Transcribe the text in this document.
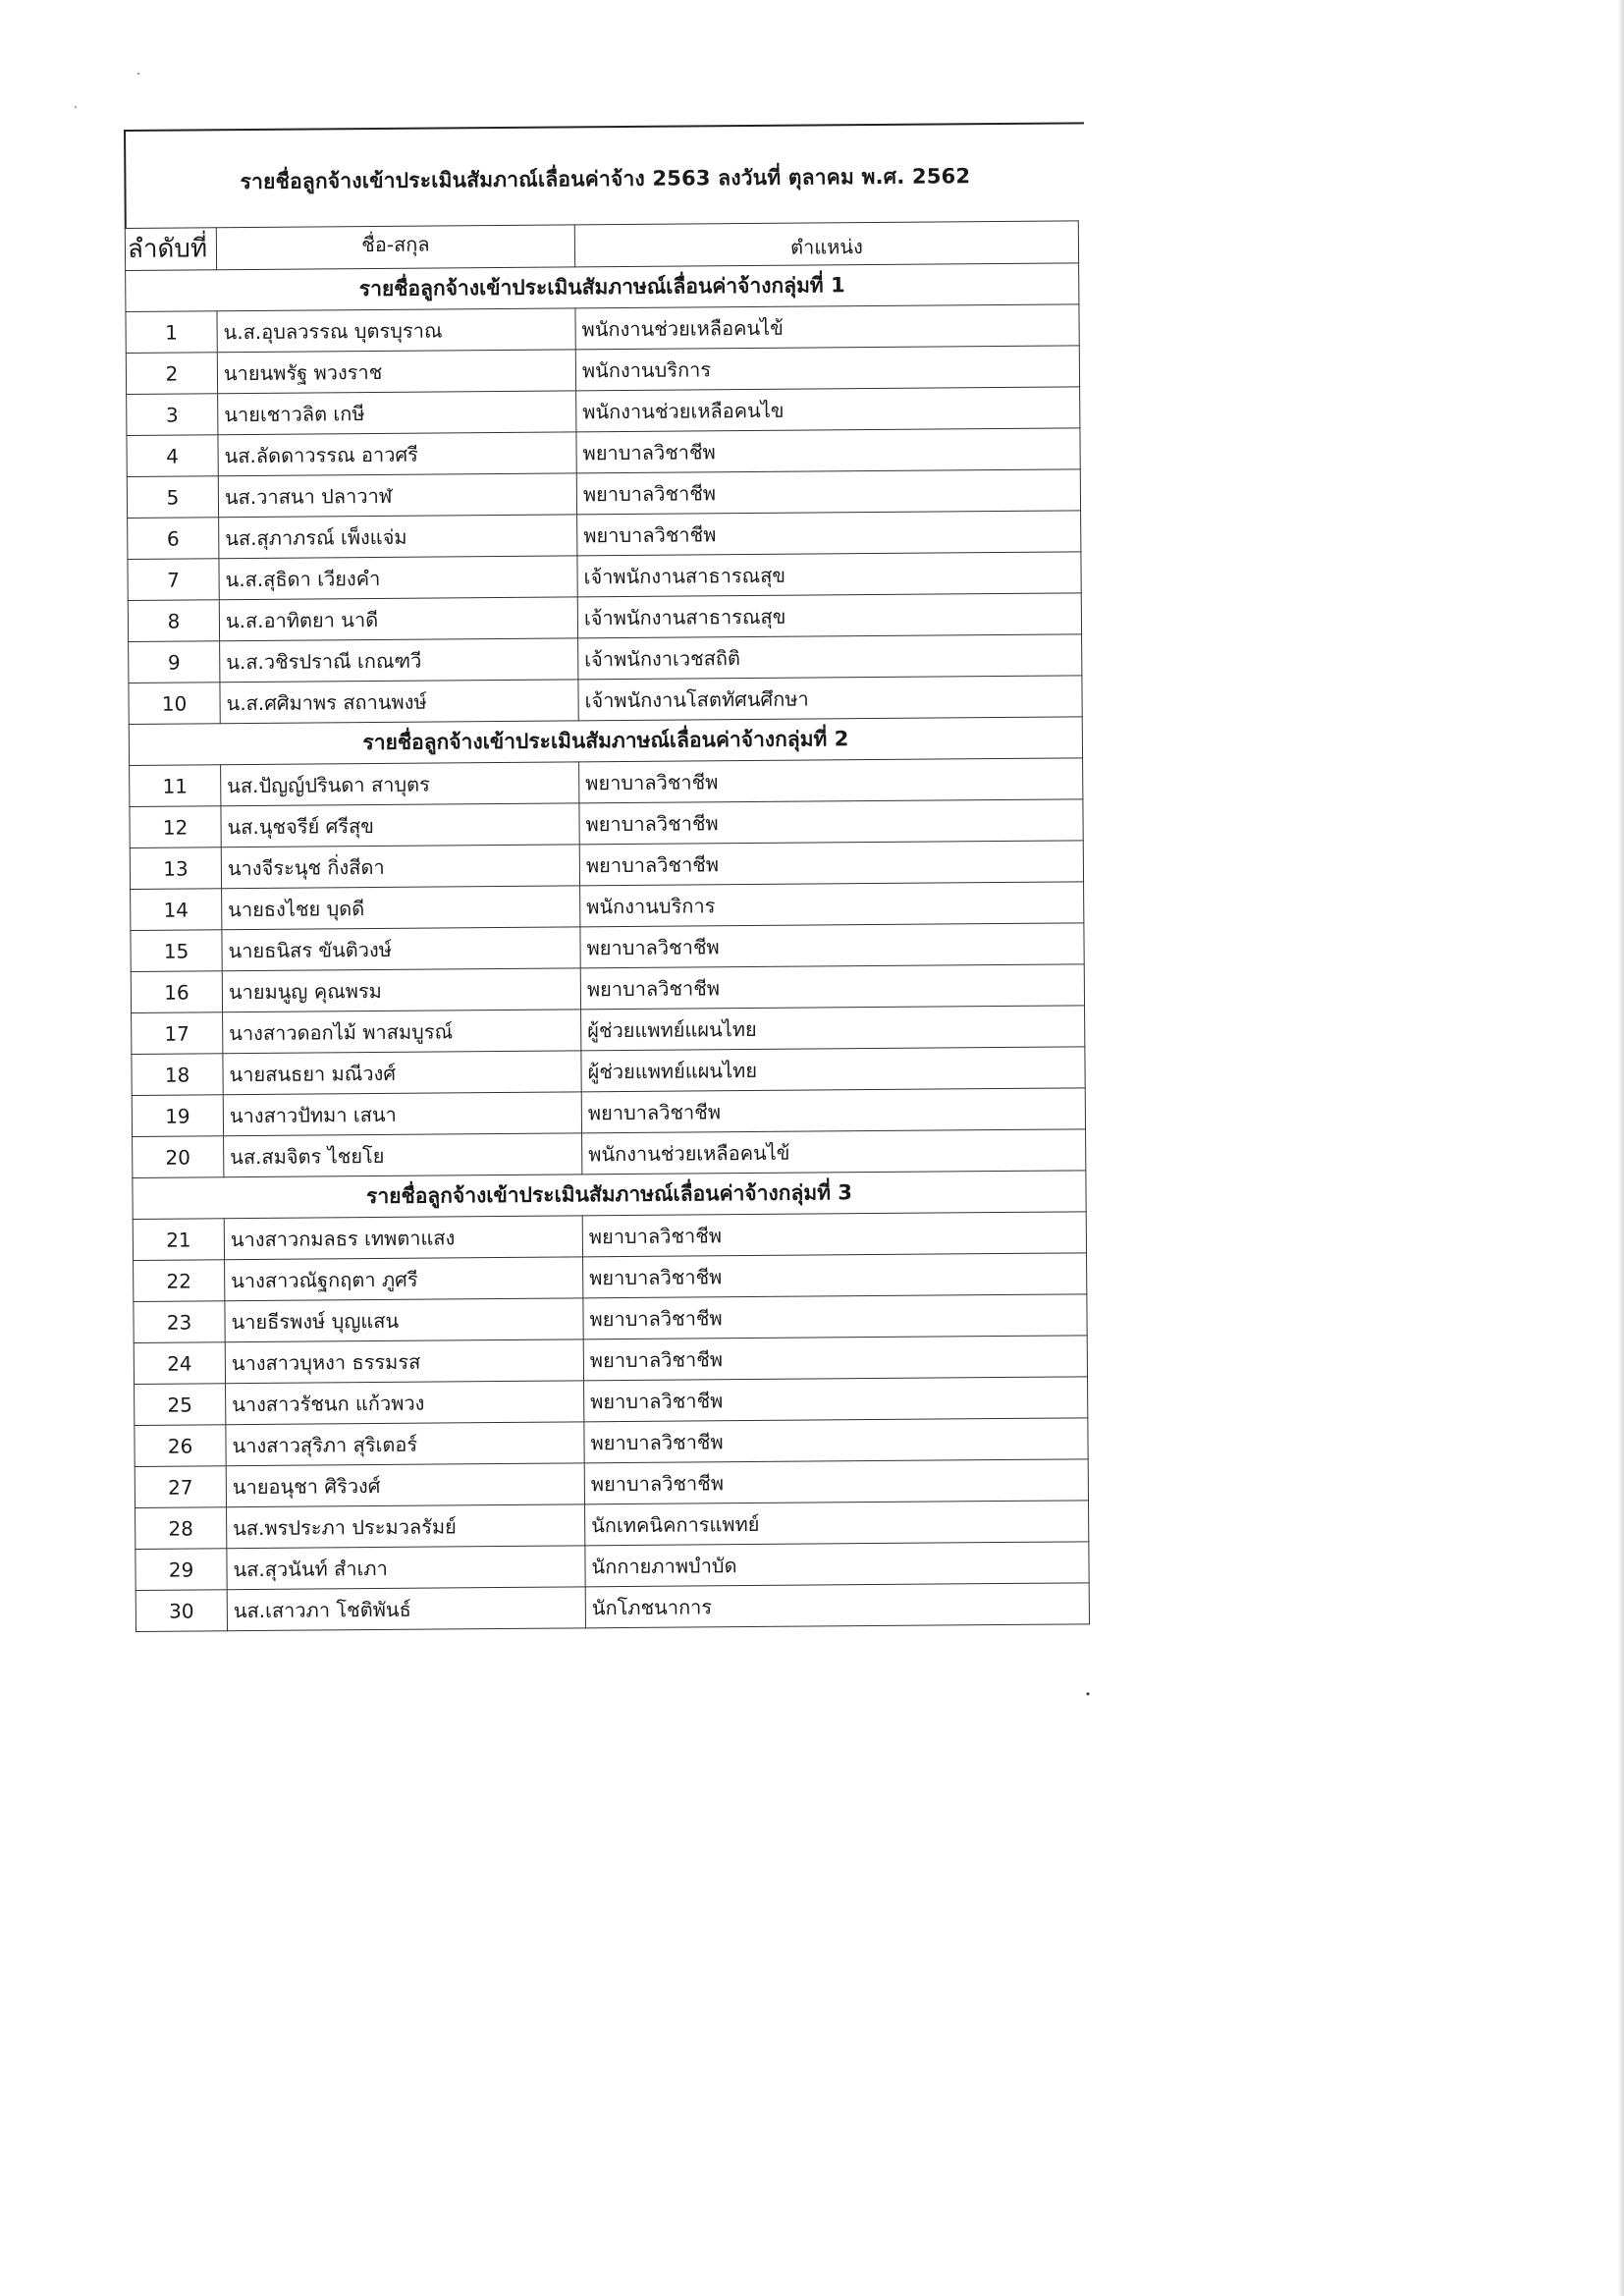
รายชื่อลูกจ้างเข้าประเมินสัมภาณ์เลื่อนค่าจ้าง 2563 ลงวันที่ ตุลาคม พ.ศ. 2562
ลำดับที่	ชื่อ-สกุล	ตำแหน่ง
รายชื่อลูกจ้างเข้าประเมินสัมภาษณ์เลื่อนค่าจ้างกลุ่มที่ 1		
1	น.ส.อุบลวรรณ บุตรบุราณ	พนักงานช่วยเหลือคนไข้
2	นายนพรัฐ พวงราช	พนักงานบริการ
3	นายเชาวลิต เกษี	พนักงานช่วยเหลือคนไข
4	นส.ลัดดาวรรณ อาวศรี	พยาบาลวิชาชีพ
5	นส.วาสนา ปลาวาฬ	พยาบาลวิชาชีพ
6	นส.สุภาภรณ์ เพ็งแจ่ม	พยาบาลวิชาชีพ
7	น.ส.สุธิดา เวียงคำ	เจ้าพนักงานสาธารณสุข
8	น.ส.อาทิตยา นาดี	เจ้าพนักงานสาธารณสุข
9	น.ส.วชิรปราณี เกณฑวี	เจ้าพนักงาเวชสถิติ
10	น.ส.ศศิมาพร สถานพงษ์	เจ้าพนักงานโสตทัศนศึกษา
รายชื่อลูกจ้างเข้าประเมินสัมภาษณ์เลื่อนค่าจ้างกลุ่มที่ 2		
11	นส.ปัญญ์ปรินดา สาบุตร	พยาบาลวิชาชีพ
12	นส.นุชจรีย์ ศรีสุข	พยาบาลวิชาชีพ
13	นางจีระนุช กิ่งสีดา	พยาบาลวิชาชีพ
14	นายธงไชย บุดดี	พนักงานบริการ
15	นายธนิสร ขันติวงษ์	พยาบาลวิชาชีพ
16	นายมนูญ คุณพรม	พยาบาลวิชาชีพ
17	นางสาวดอกไม้ พาสมบูรณ์	ผู้ช่วยแพทย์แผนไทย
18	นายสนธยา มณีวงศ์	ผู้ช่วยแพทย์แผนไทย
19	นางสาวปัทมา เสนา	พยาบาลวิชาชีพ
20	นส.สมจิตร ไชยโย	พนักงานช่วยเหลือคนไข้
รายชื่อลูกจ้างเข้าประเมินสัมภาษณ์เลื่อนค่าจ้างกลุ่มที่ 3		
21	นางสาวกมลธร เทพตาแสง	พยาบาลวิชาชีพ
22	นางสาวณัฐกฤตา ภูศรี	พยาบาลวิชาชีพ
23	นายธีรพงษ์ บุญแสน	พยาบาลวิชาชีพ
24	นางสาวบุหงา ธรรมรส	พยาบาลวิชาชีพ
25	นางสาวรัชนก แก้วพวง	พยาบาลวิชาชีพ
26	นางสาวสุริภา สุริเตอร์	พยาบาลวิชาชีพ
27	นายอนุชา ศิริวงศ์	พยาบาลวิชาชีพ
28	นส.พรประภา ประมวลรัมย์	นักเทคนิคการแพทย์
29	นส.สุวนันท์ สำเภา	นักกายภาพบำบัด
30	นส.เสาวภา โชติพันธ์	นักโภชนาการ
